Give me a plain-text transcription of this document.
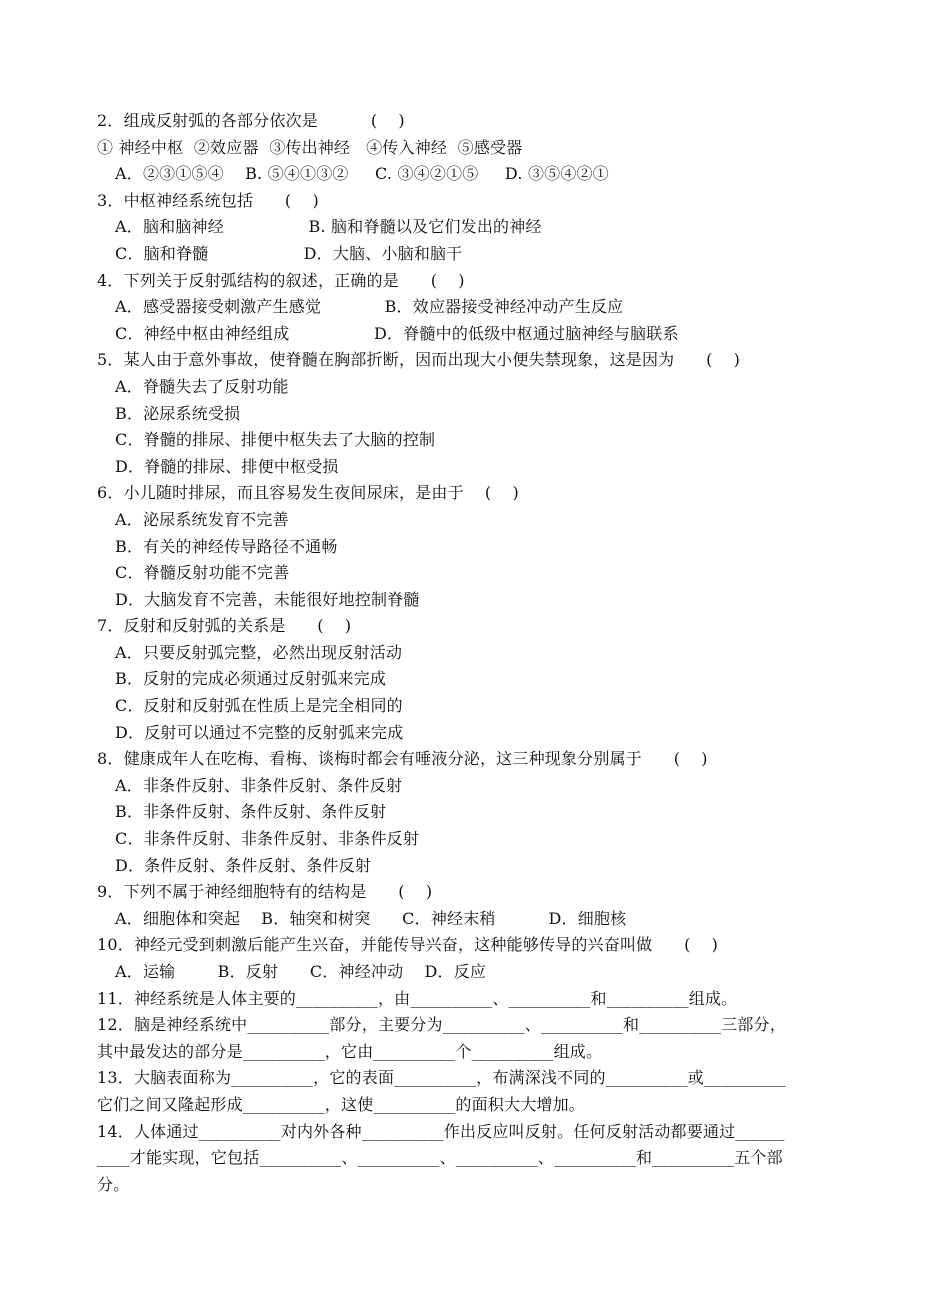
2．组成反射弧的各部分依次是          (    )
① 神经中枢  ②效应器  ③传出神经   ④传入神经  ⑤感受器
A．②③①⑤④    B. ⑤④①③②     C. ③④②①⑤     D. ③⑤④②①
3．中枢神经系统包括      (    )
A．脑和脑神经                B. 脑和脊髓以及它们发出的神经
C．脑和脊髓                  D．大脑、小脑和脑干
4．下列关于反射弧结构的叙述，正确的是      (    )
A．感受器接受刺激产生感觉            B．效应器接受神经冲动产生反应
C．神经中枢由神经组成                D．脊髓中的低级中枢通过脑神经与脑联系
5．某人由于意外事故，使脊髓在胸部折断，因而出现大小便失禁现象，这是因为      (    )
A．脊髓失去了反射功能
B．泌尿系统受损
C．脊髓的排尿、排便中枢失去了大脑的控制
D．脊髓的排尿、排便中枢受损
6．小儿随时排尿，而且容易发生夜间尿床，是由于    (    )
A．泌尿系统发育不完善
B．有关的神经传导路径不通畅
C．脊髓反射功能不完善
D．大脑发育不完善，未能很好地控制脊髓
7．反射和反射弧的关系是      (    )
A．只要反射弧完整，必然出现反射活动
B．反射的完成必须通过反射弧来完成
C．反射和反射弧在性质上是完全相同的
D．反射可以通过不完整的反射弧来完成
8．健康成年人在吃梅、看梅、谈梅时都会有唾液分泌，这三种现象分别属于      (    )
A．非条件反射、非条件反射、条件反射
B．非条件反射、条件反射、条件反射
C．非条件反射、非条件反射、非条件反射
D．条件反射、条件反射、条件反射
9．下列不属于神经细胞特有的结构是      (    )
A．细胞体和突起    B．轴突和树突      C．神经末稍          D．细胞核
10．神经元受到刺激后能产生兴奋，并能传导兴奋，这种能够传导的兴奋叫做      (    )
A．运输        B．反射      C．神经冲动    D．反应
11．神经系统是人体主要的__________，由__________、__________和__________组成。
12．脑是神经系统中__________部分，主要分为__________、__________和__________三部分，
其中最发达的部分是__________，它由__________个__________组成。
13．大脑表面称为__________，它的表面__________，布满深浅不同的__________或__________
它们之间又隆起形成__________，这使__________的面积大大增加。
14．人体通过__________对内外各种__________作出反应叫反射。任何反射活动都要通过______
____才能实现，它包括__________、__________、__________、__________和__________五个部
分。
